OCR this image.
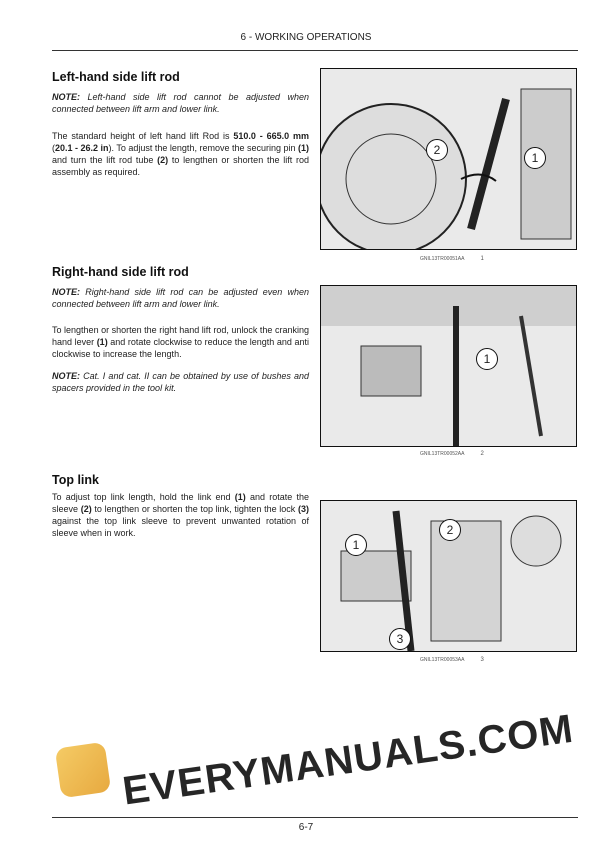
6 - WORKING OPERATIONS
Left-hand side lift rod

NOTE: Left-hand side lift rod cannot be adjusted when connected between lift arm and lower link.

The standard height of left hand lift Rod is 510.0 - 665.0 mm (20.1 - 26.2 in). To adjust the length, remove the securing pin (1) and turn the lift rod tube (2) to lengthen or shorten the lift rod assembly as required.

2
1
GNIL13TR00051AA	1
Right-hand side lift rod

NOTE: Right-hand side lift rod can be adjusted even when connected between lift arm and lower link.

To lengthen or shorten the right hand lift rod, unlock the cranking hand lever (1) and rotate clockwise to reduce the length and anti clockwise to increase the length.

NOTE: Cat. I and cat. II can be obtained by use of bushes and spacers provided in the tool kit.

1
GNIL13TR00052AA	2
Top link

To adjust top link length, hold the link end (1) and rotate the sleeve (2) to lengthen or shorten the top link, tighten the lock (3) against the top link sleeve to prevent unwanted rotation of sleeve when in work.

1
2
3
GNIL13TR00053AA	3
EVERYMANUALS.COM
6-7
